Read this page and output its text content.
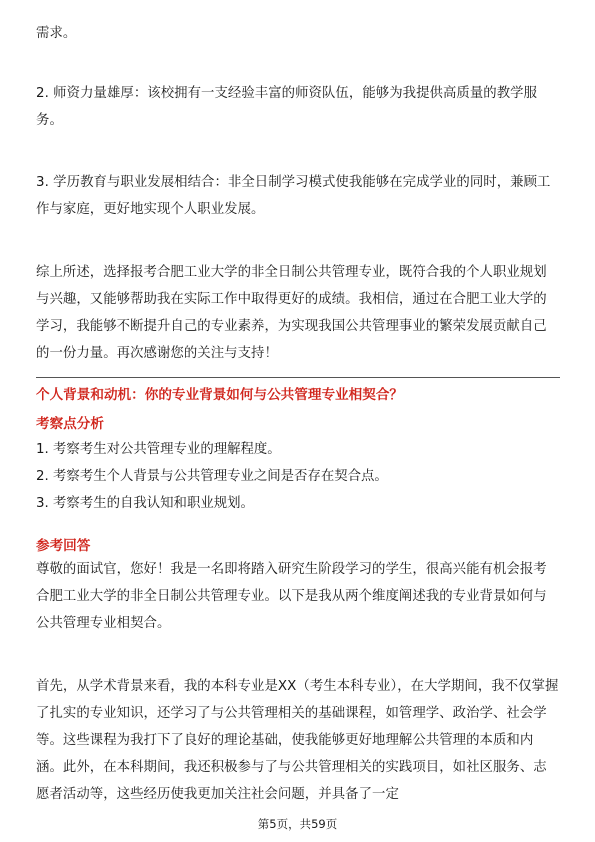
需求。

2. 师资力量雄厚：该校拥有一支经验丰富的师资队伍，能够为我提供高质量的教学服务。

3. 学历教育与职业发展相结合：非全日制学习模式使我能够在完成学业的同时，兼顾工作与家庭，更好地实现个人职业发展。

综上所述，选择报考合肥工业大学的非全日制公共管理专业，既符合我的个人职业规划与兴趣，又能够帮助我在实际工作中取得更好的成绩。我相信，通过在合肥工业大学的学习，我能够不断提升自己的专业素养，为实现我国公共管理事业的繁荣发展贡献自己的一份力量。再次感谢您的关注与支持！

个人背景和动机：你的专业背景如何与公共管理专业相契合？
考察点分析
1. 考察考生对公共管理专业的理解程度。
2. 考察考生个人背景与公共管理专业之间是否存在契合点。
3. 考察考生的自我认知和职业规划。
参考回答

尊敬的面试官，您好！我是一名即将踏入研究生阶段学习的学生，很高兴能有机会报考合肥工业大学的非全日制公共管理专业。以下是我从两个维度阐述我的专业背景如何与公共管理专业相契合。

首先，从学术背景来看，我的本科专业是XX（考生本科专业），在大学期间，我不仅掌握了扎实的专业知识，还学习了与公共管理相关的基础课程，如管理学、政治学、社会学等。这些课程为我打下了良好的理论基础，使我能够更好地理解公共管理的本质和内涵。此外，在本科期间，我还积极参与了与公共管理相关的实践项目，如社区服务、志愿者活动等，这些经历使我更加关注社会问题，并具备了一定

第5页，共59页
